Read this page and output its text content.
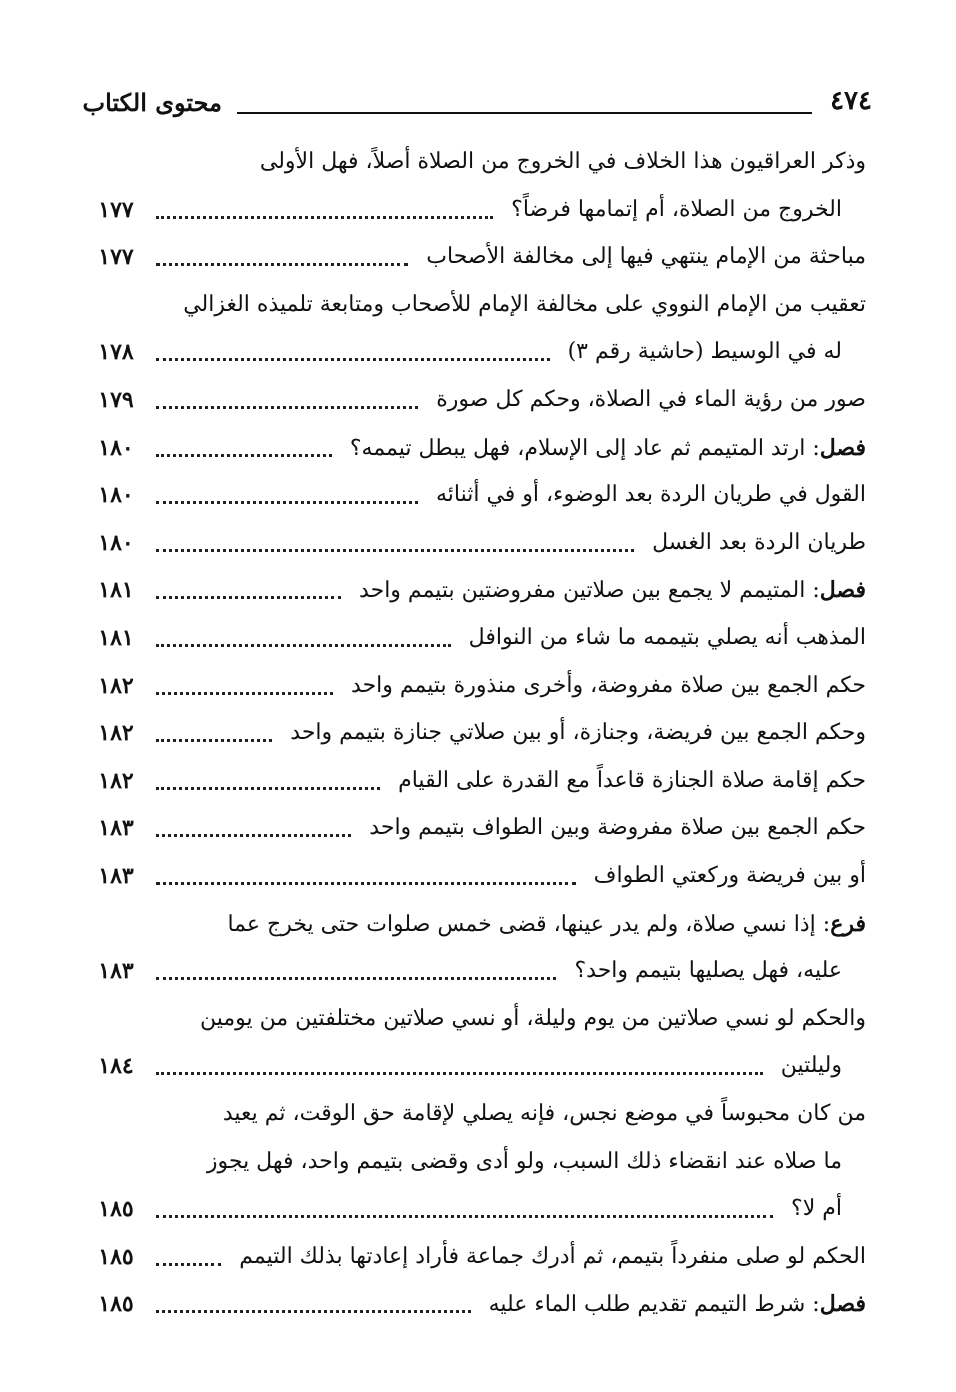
٤٧٤
محتوى الكتاب
وذكر العراقيون هذا الخلاف في الخروج من الصلاة أصلاً، فهل الأولى
الخروج من الصلاة، أم إتمامها فرضاً؟
١٧٧
مباحثة من الإمام ينتهي فيها إلى مخالفة الأصحاب
١٧٧
تعقيب من الإمام النووي على مخالفة الإمام للأصحاب ومتابعة تلميذه الغزالي
له في الوسيط (حاشية رقم ٣)
١٧٨
صور من رؤية الماء في الصلاة، وحكم كل صورة
١٧٩
فصل: ارتد المتيمم ثم عاد إلى الإسلام، فهل يبطل تيممه؟
١٨٠
القول في طريان الردة بعد الوضوء، أو في أثنائه
١٨٠
طريان الردة بعد الغسل
١٨٠
فصل: المتيمم لا يجمع بين صلاتين مفروضتين بتيمم واحد
١٨١
المذهب أنه يصلي بتيممه ما شاء من النوافل
١٨١
حكم الجمع بين صلاة مفروضة، وأخرى منذورة بتيمم واحد
١٨٢
وحكم الجمع بين فريضة، وجنازة، أو بين صلاتي جنازة بتيمم واحد
١٨٢
حكم إقامة صلاة الجنازة قاعداً مع القدرة على القيام
١٨٢
حكم الجمع بين صلاة مفروضة وبين الطواف بتيمم واحد
١٨٣
أو بين فريضة وركعتي الطواف
١٨٣
فرع: إذا نسي صلاة، ولم يدر عينها، قضى خمس صلوات حتى يخرج عما
عليه، فهل يصليها بتيمم واحد؟
١٨٣
والحكم لو نسي صلاتين من يوم وليلة، أو نسي صلاتين مختلفتين من يومين
وليلتين
١٨٤
من كان محبوساً في موضع نجس، فإنه يصلي لإقامة حق الوقت، ثم يعيد
ما صلاه عند انقضاء ذلك السبب، ولو أدى وقضى بتيمم واحد، فهل يجوز
أم لا؟
١٨٥
الحكم لو صلى منفرداً بتيمم، ثم أدرك جماعة فأراد إعادتها بذلك التيمم
١٨٥
فصل: شرط التيمم تقديم طلب الماء عليه
١٨٥
